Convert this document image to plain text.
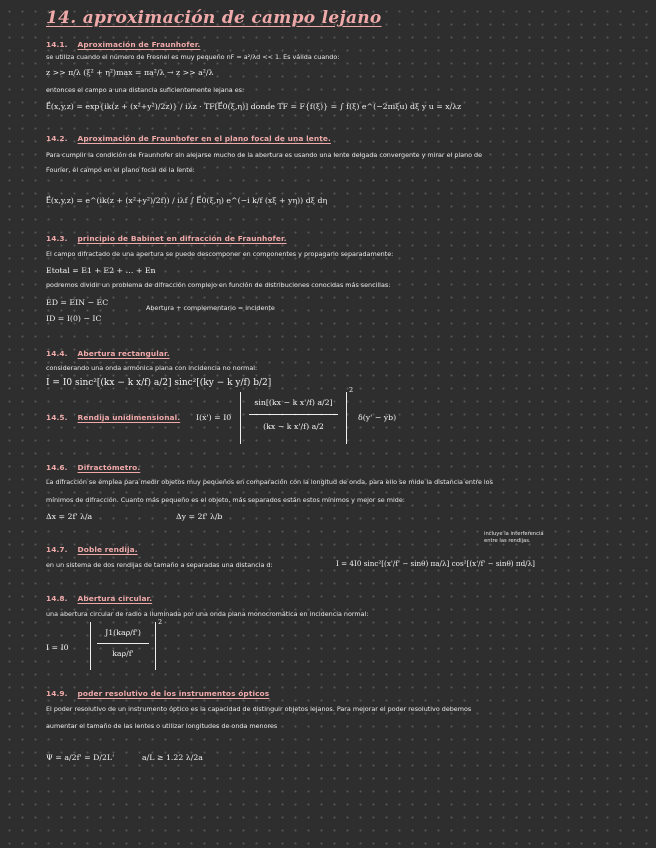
14. aproximación de campo lejano
14.1. Aproximación de Fraunhofer.
se utiliza cuando el número de Fresnel es muy pequeño nF = a²/λd << 1. Es válida cuando:
z >> π/λ (ξ² + η²)max = πa²/λ → z >> a²/λ
entonces el campo a una distancia suficientemente lejana es:
E⃗(x,y,z) = exp{ik(z + (x²+y²)/2z)} / iλz · TF[E⃗0(ξ,η)] donde TF = F{f(ξ)} = ∫ f(ξ) e^(−2πiξu) dξ y u = x/λz
14.2. Aproximación de Fraunhofer en el plano focal de una lente.
Para cumplir la condición de Fraunhofer sin alejarse mucho de la abertura es usando una lente delgada convergente y mirar el plano de
Fourier, el campo en el plano focal de la lente:
E⃗(x,y,z) = e^(ik(z + (x²+y²)/2f)) / iλf ∫ E⃗0(ξ,η) e^(−i k/f (xξ + yη)) dξ dη
14.3. principio de Babinet en difracción de Fraunhofer.
El campo difractado de una apertura se puede descomponer en componentes y propagarlo separadamente:
Etotal = E1 + E2 + … + En
podremos dividir un problema de difracción complejo en función de distribuciones conocidas más sencillas:
ED = EIN − EC
ID = I(0) − IC
Abertura + complementario = incidente
14.4. Abertura rectangular.
considerando una onda armónica plana con incidencia no normal:
I = I0 sinc²[(kx − k x/f) a/2] sinc²[(ky − k y/f) b/2]
14.5. Rendija unidimensional. I(x') = I0
sin[(kx − k x'/f) a/2]
(kx − k x'/f) a/2
2
δ(y' − yb)
14.6. Difractómetro.
La difracción se emplea para medir objetos muy pequeños en comparación con la longitud de onda, para ello se mide la distancia entre los
mínimos de difracción. Cuanto más pequeño es el objeto, más separados están estos mínimos y mejor se mide:
Δx = 2f' λ/a	Δy = 2f' λ/b
14.7. Doble rendija.
incluye la interferencia
entre las rendijas.
en un sistema de dos rendijas de tamaño a separadas una distancia d:	I = 4I0 sinc²[(x'/f' − sinθ) πa/λ] cos²[(x'/f' − sinθ) πd/λ]
14.8. Abertura circular.
una abertura circular de radio a iluminada por una onda plana monocromática en incidencia normal:
I = I0
J1(kaρ/f')
kaρ/f'
2
14.9. poder resolutivo de los instrumentos ópticos
El poder resolutivo de un instrumento óptico es la capacidad de distinguir objetos lejanos. Para mejorar el poder resolutivo debemos
aumentar el tamaño de las lentes o utilizar longitudes de onda menores
Ψ = a/2f' = D/2L'	a/L ≥ 1.22 λ/2a
